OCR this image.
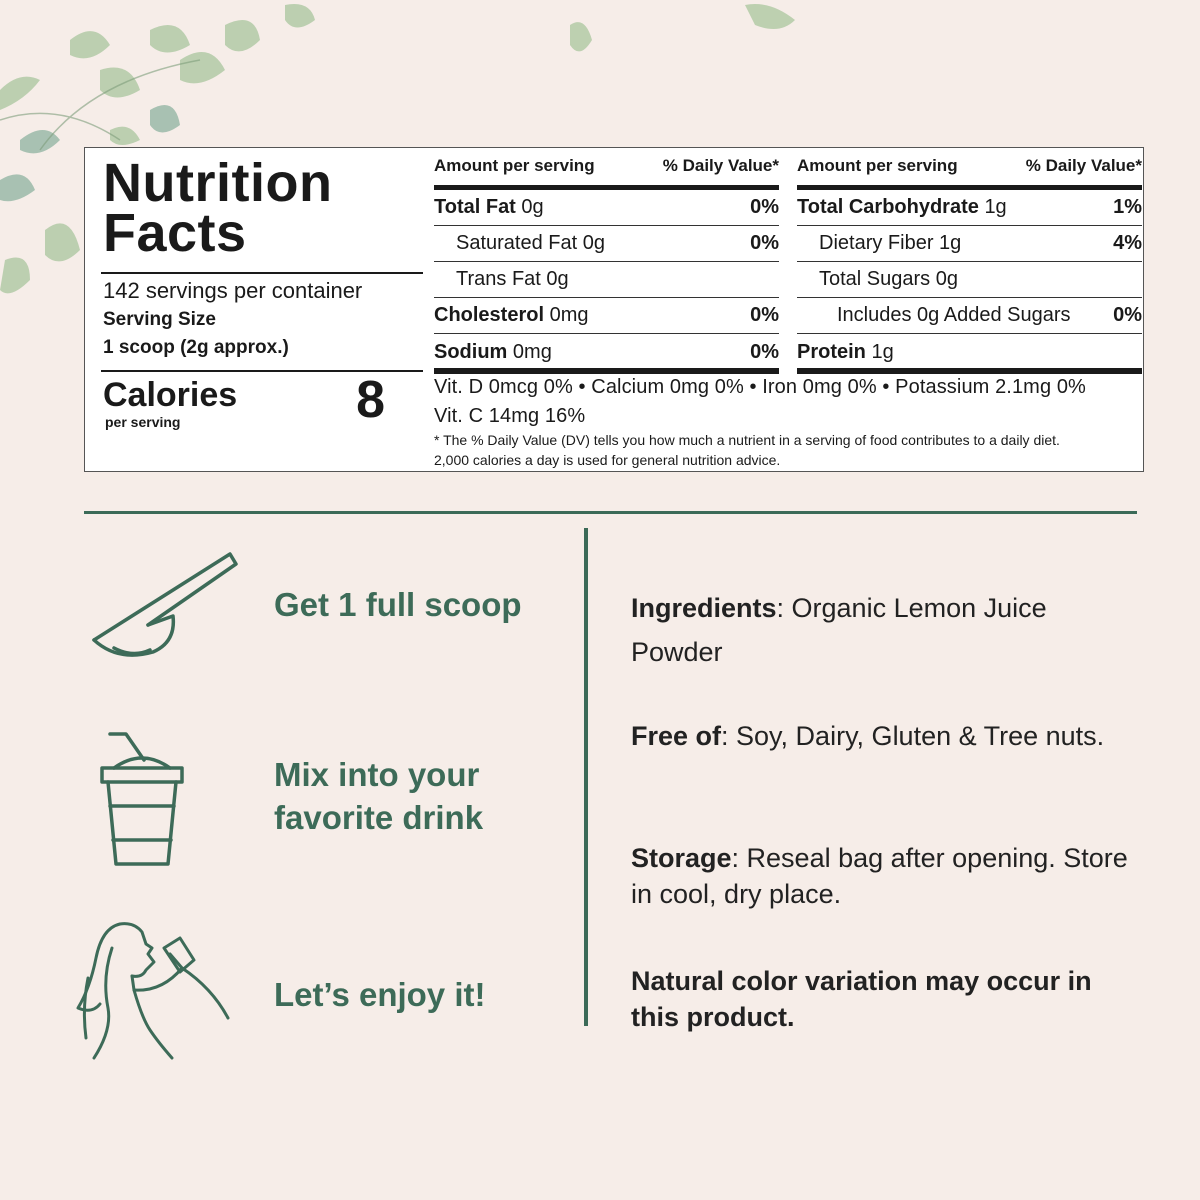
Nutrition
Facts
142 servings per container
Serving Size
1 scoop (2g approx.)
Calories
per serving	8
Amount per serving	% Daily Value*
Total Fat 0g	0%
Saturated Fat 0g	0%
Trans Fat 0g
Cholesterol 0mg	0%
Sodium 0mg	0%
Amount per serving	% Daily Value*
Total Carbohydrate 1g	1%
Dietary Fiber 1g	4%
Total Sugars 0g
Includes 0g Added Sugars 0%
Protein 1g
Vit. D 0mcg 0% • Calcium 0mg 0% • Iron 0mg 0% • Potassium 2.1mg 0%
Vit. C 14mg 16%
* The % Daily Value (DV) tells you how much a nutrient in a serving of food contributes to a daily diet.
2,000 calories a day is used for general nutrition advice.

Get 1 full scoop

Mix into your
favorite drink

Let’s enjoy it!

Ingredients: Organic Lemon Juice Powder

Free of: Soy, Dairy, Gluten & Tree nuts.

Storage: Reseal bag after opening. Store in cool, dry place.

Natural color variation may occur in this product.
